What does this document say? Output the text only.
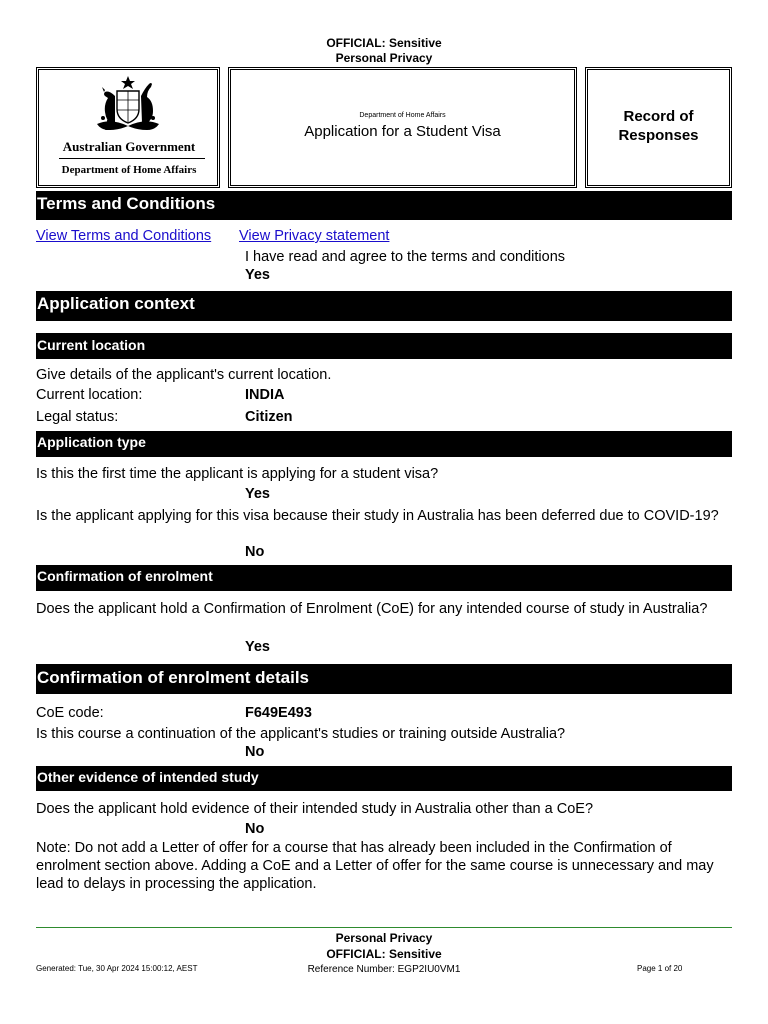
OFFICIAL: Sensitive
Personal Privacy
Australian Government
Department of Home Affairs
Department of Home Affairs
Application for a Student Visa
Record of
Responses
Terms and Conditions
View Terms and Conditions View Privacy statement
I have read and agree to the terms and conditions
Yes
Application context
Current location
Give details of the applicant's current location.
Current location:	INDIA
Legal status:	Citizen
Application type
Is this the first time the applicant is applying for a student visa?
Yes
Is the applicant applying for this visa because their study in Australia has been deferred due to COVID-19?
No
Confirmation of enrolment
Does the applicant hold a Confirmation of Enrolment (CoE) for any intended course of study in Australia?
Yes
Confirmation of enrolment details
CoE code:	F649E493
Is this course a continuation of the applicant's studies or training outside Australia?
No
Other evidence of intended study
Does the applicant hold evidence of their intended study in Australia other than a CoE?
No
Note: Do not add a Letter of offer for a course that has already been included in the Confirmation of enrolment section above. Adding a CoE and a Letter of offer for the same course is unnecessary and may lead to delays in processing the application.
Personal Privacy
OFFICIAL: Sensitive
Generated: Tue, 30 Apr 2024 15:00:12, AEST	Reference Number: EGP2IU0VM1	Page 1 of 20
